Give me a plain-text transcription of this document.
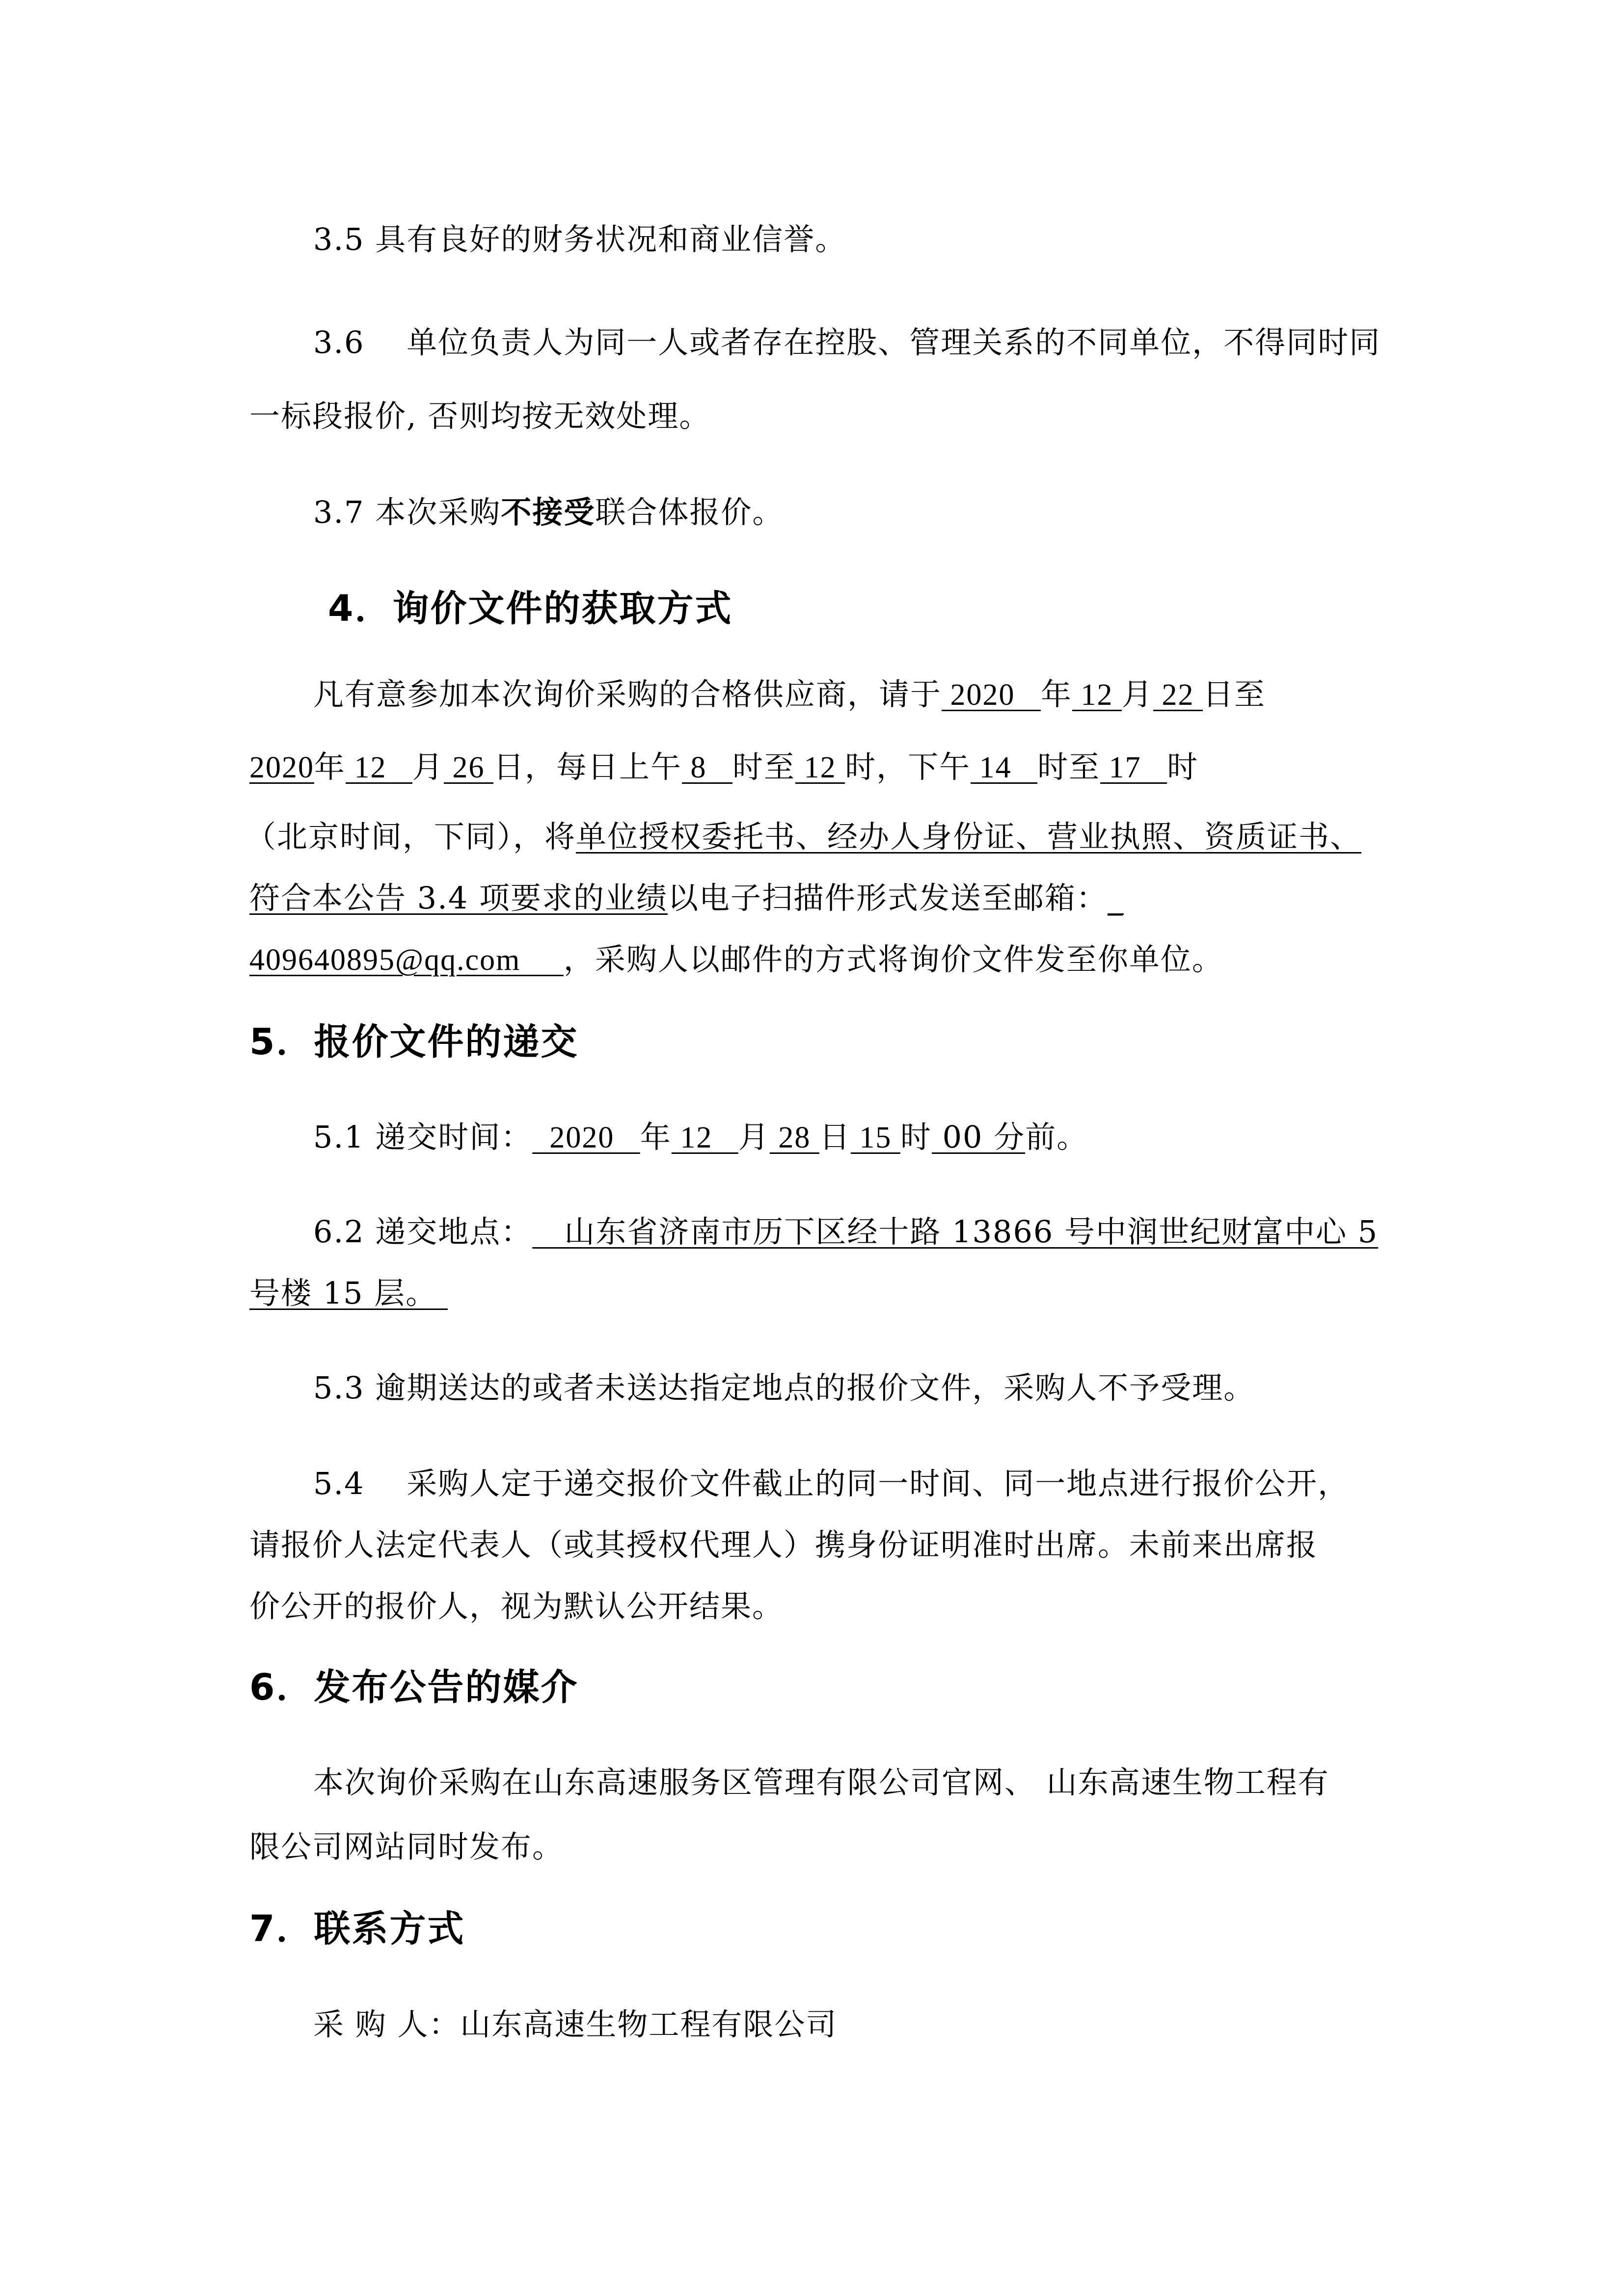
3.5 具有良好的财务状况和商业信誉。
3.6　 单位负责人为同一人或者存在控股、管理关系的不同单位，不得同时同
一标段报价, 否则均按无效处理。
3.7 本次采购不接受联合体报价。
4．询价文件的获取方式
凡有意参加本次询价采购的合格供应商，请于 2020   年 12 月 22 日至
2020年 12   月 26 日，每日上午 8   时至 12 时，下午 14   时至 17   时
（北京时间，下同），将单位授权委托书、经办人身份证、营业执照、资质证书、
符合本公告 3.4 项要求的业绩以电子扫描件形式发送至邮箱：_
409640895@qq.com     ，采购人以邮件的方式将询价文件发至你单位。
5．报价文件的递交
5.1 递交时间：  2020   年 12   月 28 日 15 时 00 分前。
6.2 递交地点：   山东省济南市历下区经十路 13866 号中润世纪财富中心 5
号楼 15 层。
5.3 逾期送达的或者未送达指定地点的报价文件，采购人不予受理。
5.4　 采购人定于递交报价文件截止的同一时间、同一地点进行报价公开，
请报价人法定代表人（或其授权代理人）携身份证明准时出席。未前来出席报
价公开的报价人，视为默认公开结果。
6．发布公告的媒介
本次询价采购在山东高速服务区管理有限公司官网、 山东高速生物工程有
限公司网站同时发布。
7．联系方式
采 购 人：山东高速生物工程有限公司
